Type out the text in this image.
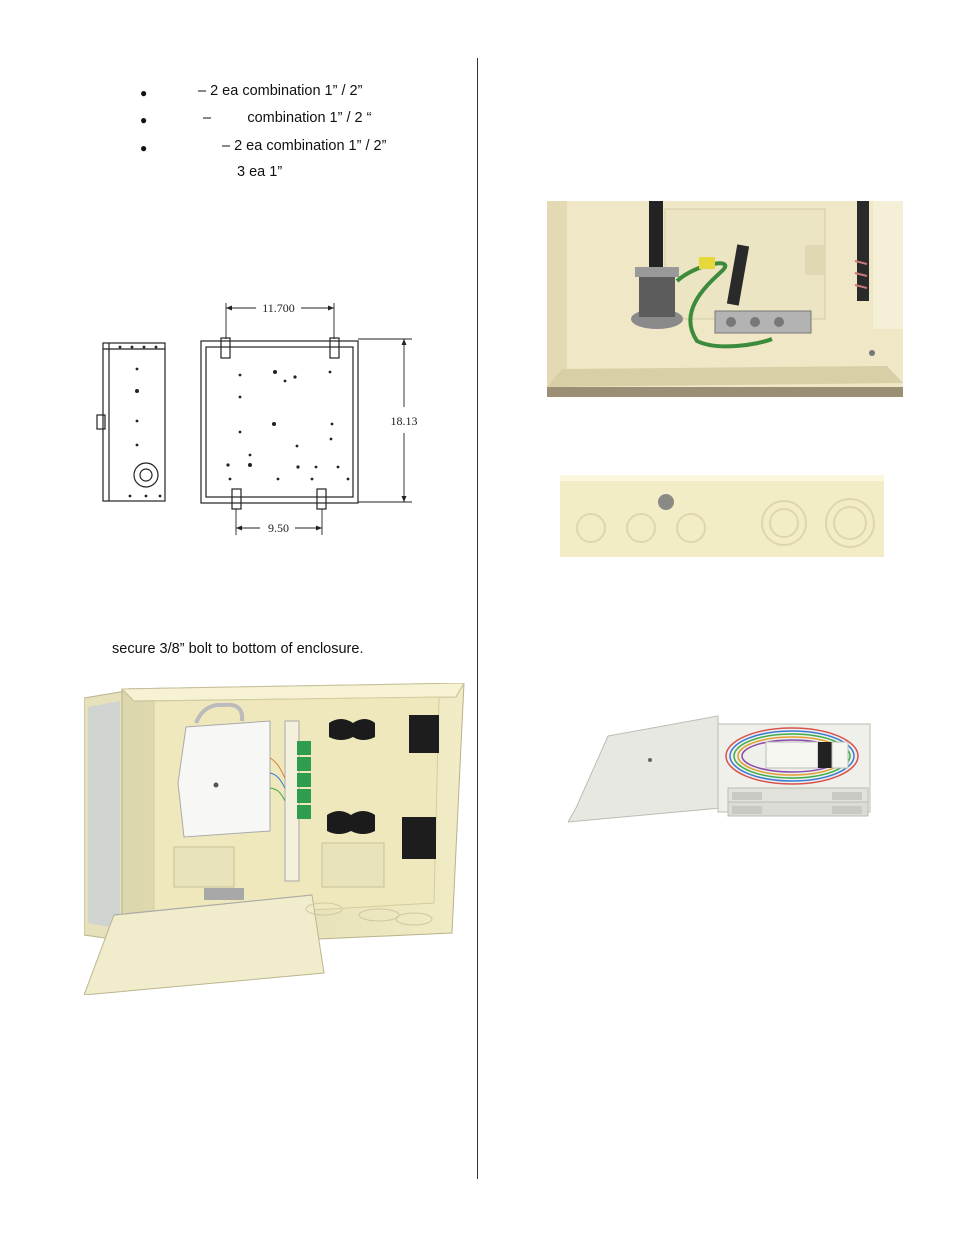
●	– 2 ea combination 1” / 2”
●	–         combination 1” / 2 “
●	– 2 ea combination 1” / 2”
3 ea 1”
11.700
18.13
9.50
secure 3/8” bolt to bottom of enclosure.
